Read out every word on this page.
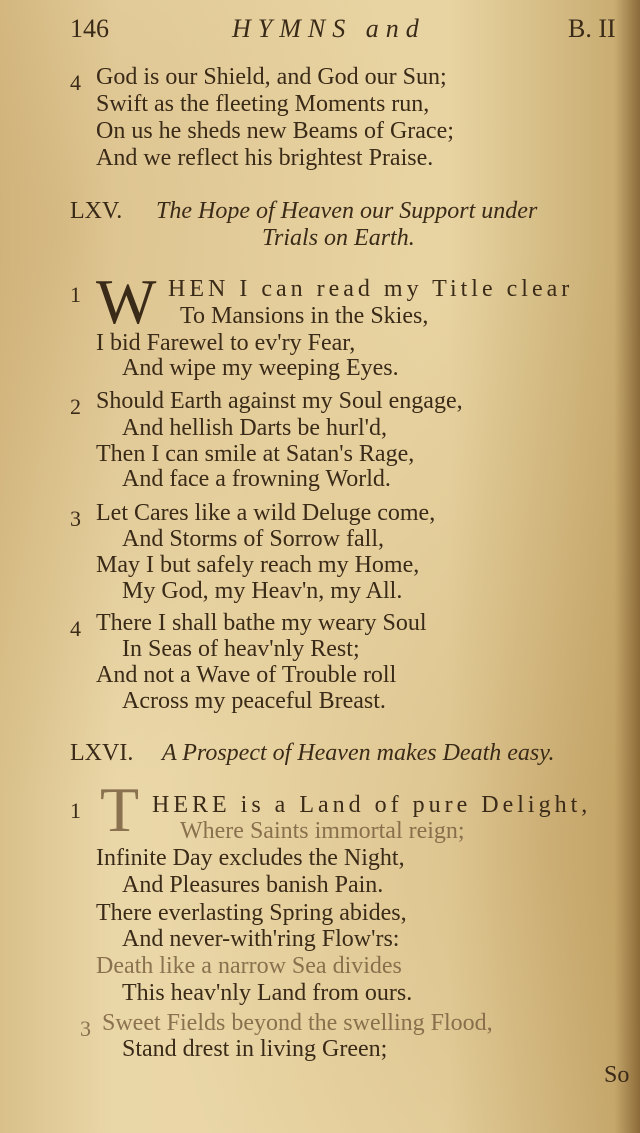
146	HYMNS and	B. II
4 God is our Shield, and God our Sun;
Swift as the fleeting Moments run,
On us he sheds new Beams of Grace;
And we reflect his brightest Praise.
LXV. The Hope of Heaven our Support under
Trials on Earth.
1 W HEN I can read my Title clear
To Mansions in the Skies,
I bid Farewel to ev'ry Fear,
And wipe my weeping Eyes.
2 Should Earth against my Soul engage,
And hellish Darts be hurl'd,
Then I can smile at Satan's Rage,
And face a frowning World.
3 Let Cares like a wild Deluge come,
And Storms of Sorrow fall,
May I but safely reach my Home,
My God, my Heav'n, my All.
4 There I shall bathe my weary Soul
In Seas of heav'nly Rest;
And not a Wave of Trouble roll
Across my peaceful Breast.
LXVI. A Prospect of Heaven makes Death easy.
1 T HERE is a Land of pure Delight,
Where Saints immortal reign;
Infinite Day excludes the Night,
And Pleasures banish Pain.
There everlasting Spring abides,
And never-with'ring Flow'rs:
Death like a narrow Sea divides
This heav'nly Land from ours.
3 Sweet Fields beyond the swelling Flood,
Stand drest in living Green;
So
